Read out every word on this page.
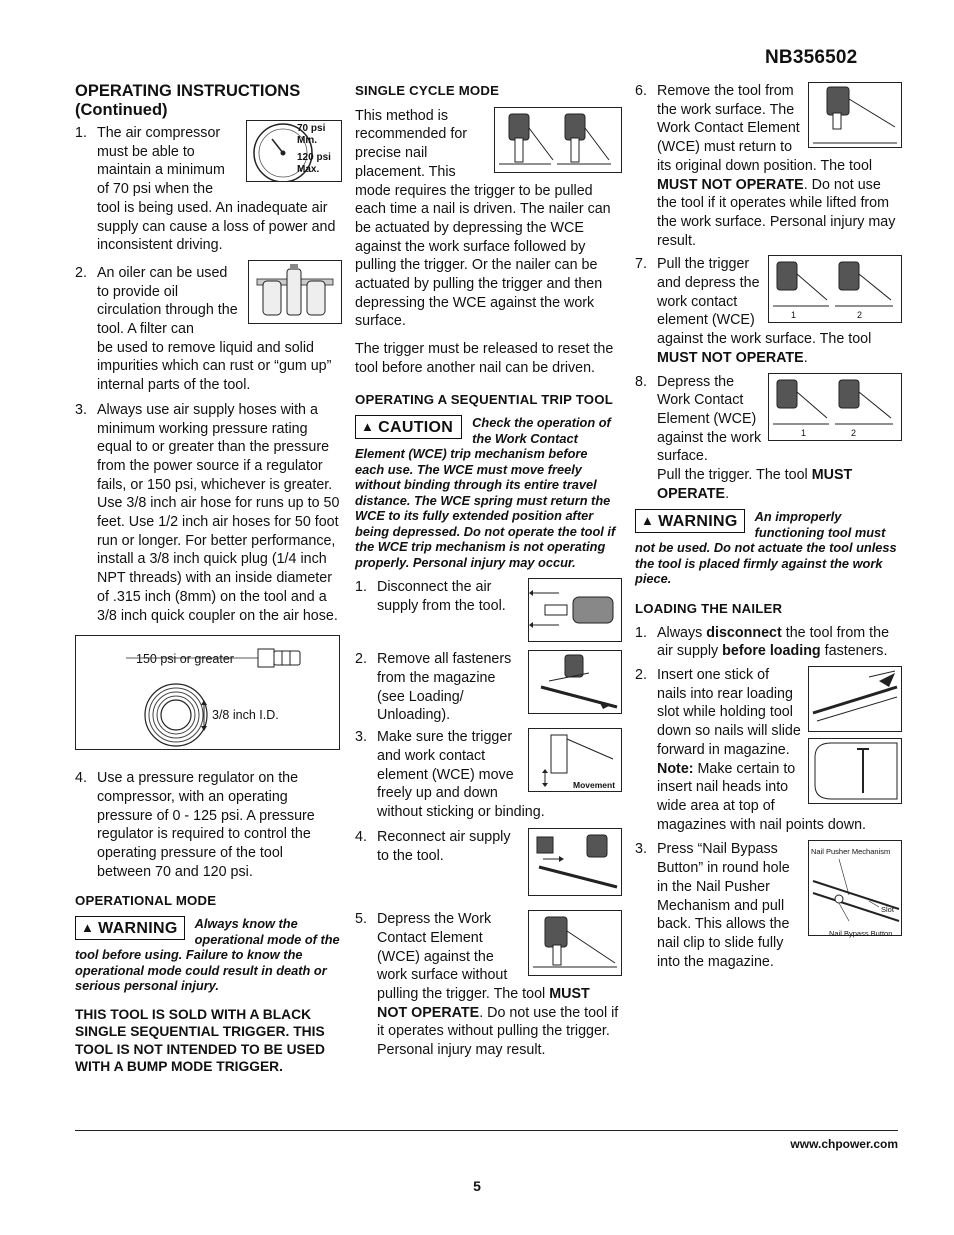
NB356502
OPERATING INSTRUCTIONS
(Continued)
1.	70 psi Min.
120 psi Max.

The air compressor must be able to maintain a minimum of 70 psi when the

tool is being used. An inadequate air supply can cause a loss of power and inconsistent driving.

2. An oiler can be used to provide oil circulation through the tool. A filter can

be used to remove liquid and solid impurities which can rust or “gum up” internal parts of the tool.

3. Always use air supply hoses with a minimum working pressure rating equal to or greater than the pressure from the power source if a regulator fails, or 150 psi, whichever is greater. Use 3/8 inch air hose for runs up to 50 feet. Use 1/2 inch air hoses for 50 foot run or longer. For better performance, install a 3/8 inch quick plug (1/4 inch NPT threads) with an inside diameter of .315 inch (8mm) on the tool and a 3/8 inch quick coupler on the air hose.

150 psi or greater
3/8 inch I.D.
4. Use a pressure regulator on the compressor, with an operating pressure of 0 - 125 psi. A pressure regulator is required to control the operating pressure of the tool between 70 and 120 psi.

OPERATIONAL MODE
▲ WARNING	Always know the operational mode of the tool before using. Failure to know the operational mode could result in death or serious personal injury.

THIS TOOL IS SOLD WITH A BLACK SINGLE SEQUENTIAL TRIGGER. THIS TOOL IS NOT INTENDED TO BE USED WITH A BUMP MODE TRIGGER.

SINGLE CYCLE MODE

This method is recommended for precise nail placement. This

mode requires the trigger to be pulled each time a nail is driven. The nailer can be actuated by depressing the WCE against the work surface followed by pulling the trigger. Or the nailer can be actuated by pulling the trigger and then depressing the WCE against the work surface.

The trigger must be released to reset the tool before another nail can be driven.

OPERATING A SEQUENTIAL TRIP TOOL
▲ CAUTION	Check the operation of the Work Contact Element (WCE) trip mechanism before each use. The WCE must move freely without binding through its entire travel distance. The WCE spring must return the WCE to its fully extended position after being depressed. Do not operate the tool if the WCE trip mechanism is not operating properly. Personal injury may occur.

1. Disconnect the air supply from the tool.

2. Remove all fasteners from the magazine (see Loading/ Unloading).

3.
Movement

Make sure the trigger and work contact element (WCE) move freely up and down without sticking or binding.

4. Reconnect air supply to the tool.

5. Depress the Work Contact Element (WCE) against the work surface without pulling the trigger. The tool MUST NOT OPERATE. Do not use the tool if it operates without pulling the trigger. Personal injury may result.

6. Remove the tool from the work surface. The Work Contact Element (WCE) must return to its original down position. The tool MUST NOT OPERATE. Do not use the tool if it operates while lifted from the work surface. Personal injury may result.

7.
1	2

Pull the trigger and depress the work contact element (WCE) against the work surface. The tool MUST NOT OPERATE.

8.
1	2

Depress the Work Contact Element (WCE) against the work surface.

Pull the trigger. The tool MUST OPERATE.

▲ WARNING	An improperly functioning tool must not be used. Do not actuate the tool unless the tool is placed firmly against the work piece.

LOADING THE NAILER
1. Always disconnect the tool from the air supply before loading fasteners.

2. Insert one stick of nails into rear loading slot while holding tool down so nails will slide forward in magazine.

Note: Make certain to insert nail heads into wide area at top of magazines with nail points down.

3.	Nail Pusher Mechanism
Slot
Nail Bypass Button

Press “Nail Bypass Button” in round hole in the Nail Pusher Mechanism and pull back. This allows the nail clip to slide fully into the magazine.

www.chpower.com
5
